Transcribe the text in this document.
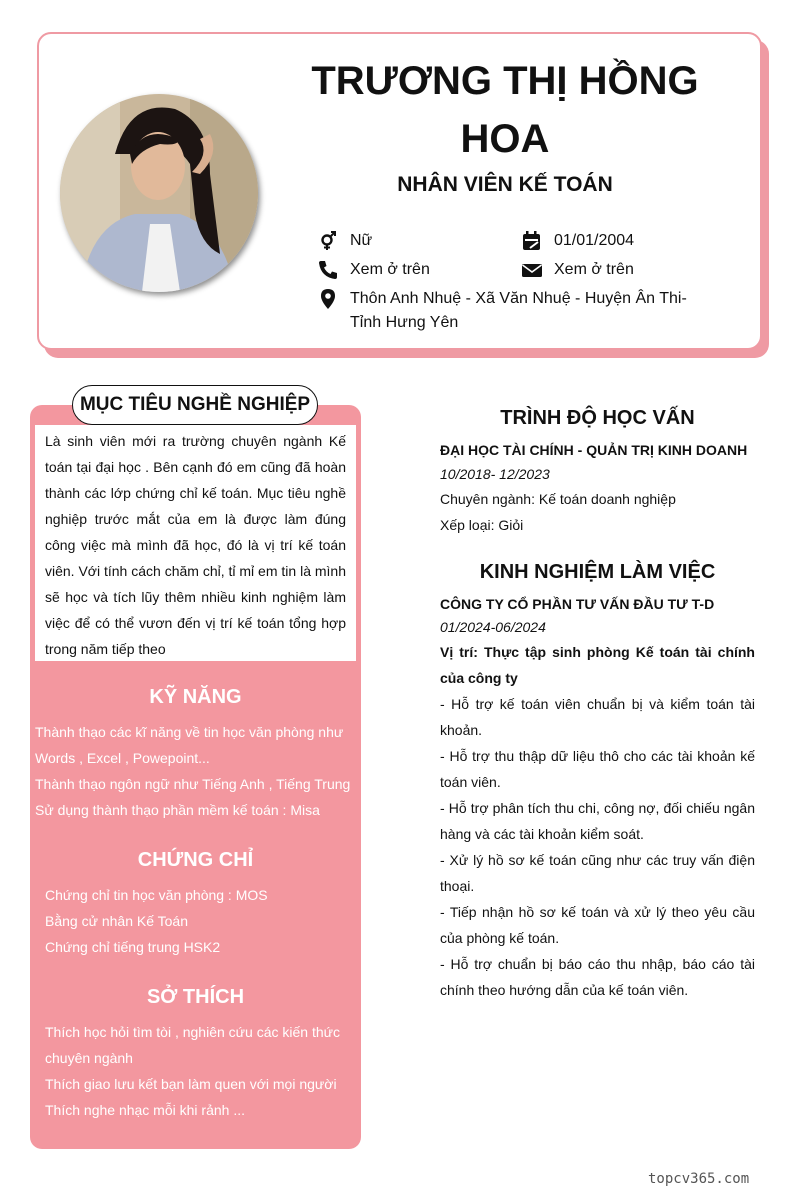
TRƯƠNG THỊ HỒNG HOA
NHÂN VIÊN KẾ TOÁN
Nữ	01/01/2004
Xem ở trên	Xem ở trên
Thôn Anh Nhuệ - Xã Văn Nhuệ - Huyện Ân Thi- Tỉnh Hưng Yên
MỤC TIÊU NGHỀ NGHIỆP
Là sinh viên mới ra trường chuyên ngành Kế toán tại đại học . Bên cạnh đó em cũng đã hoàn thành các lớp chứng chỉ kế toán. Mục tiêu nghề nghiệp trước mắt của em là được làm đúng công việc mà mình đã học, đó là vị trí kế toán viên. Với tính cách chăm chỉ, tỉ mỉ em tin là mình sẽ học và tích lũy thêm nhiều kinh nghiệm làm việc để có thể vươn đến vị trí kế toán tổng hợp trong năm tiếp theo
KỸ NĂNG
Thành thạo các kĩ năng về tin học văn phòng như
Words , Excel , Powepoint...
Thành thạo ngôn ngữ như Tiếng Anh , Tiếng Trung
Sử dụng thành thạo phần mềm kế toán : Misa
CHỨNG CHỈ
Chứng chỉ tin học văn phòng : MOS
Bằng cử nhân Kế Toán
Chứng chỉ tiếng trung HSK2
SỞ THÍCH
Thích học hỏi tìm tòi , nghiên cứu các kiến thức
chuyên ngành
Thích giao lưu kết bạn làm quen với mọi người
Thích nghe nhạc mỗi khi rảnh ...
TRÌNH ĐỘ HỌC VẤN
ĐẠI HỌC TÀI CHÍNH - QUẢN TRỊ KINH DOANH
10/2018- 12/2023
Chuyên ngành: Kế toán doanh nghiệp
Xếp loại: Giỏi
KINH NGHIỆM LÀM VIỆC
CÔNG TY CỔ PHẦN TƯ VẤN ĐẦU TƯ T-D
01/2024-06/2024
Vị trí: Thực tập sinh phòng Kế toán tài chính của công ty
- Hỗ trợ kế toán viên chuẩn bị và kiểm toán tài khoản.
- Hỗ trợ thu thập dữ liệu thô cho các tài khoản kế toán viên.
- Hỗ trợ phân tích thu chi, công nợ, đối chiếu ngân hàng và các tài khoản kiểm soát.
- Xử lý hồ sơ kế toán cũng như các truy vấn điện thoại.
- Tiếp nhận hồ sơ kế toán và xử lý theo yêu cầu của phòng kế toán.
- Hỗ trợ chuẩn bị báo cáo thu nhập, báo cáo tài chính theo hướng dẫn của kế toán viên.
topcv365.com
